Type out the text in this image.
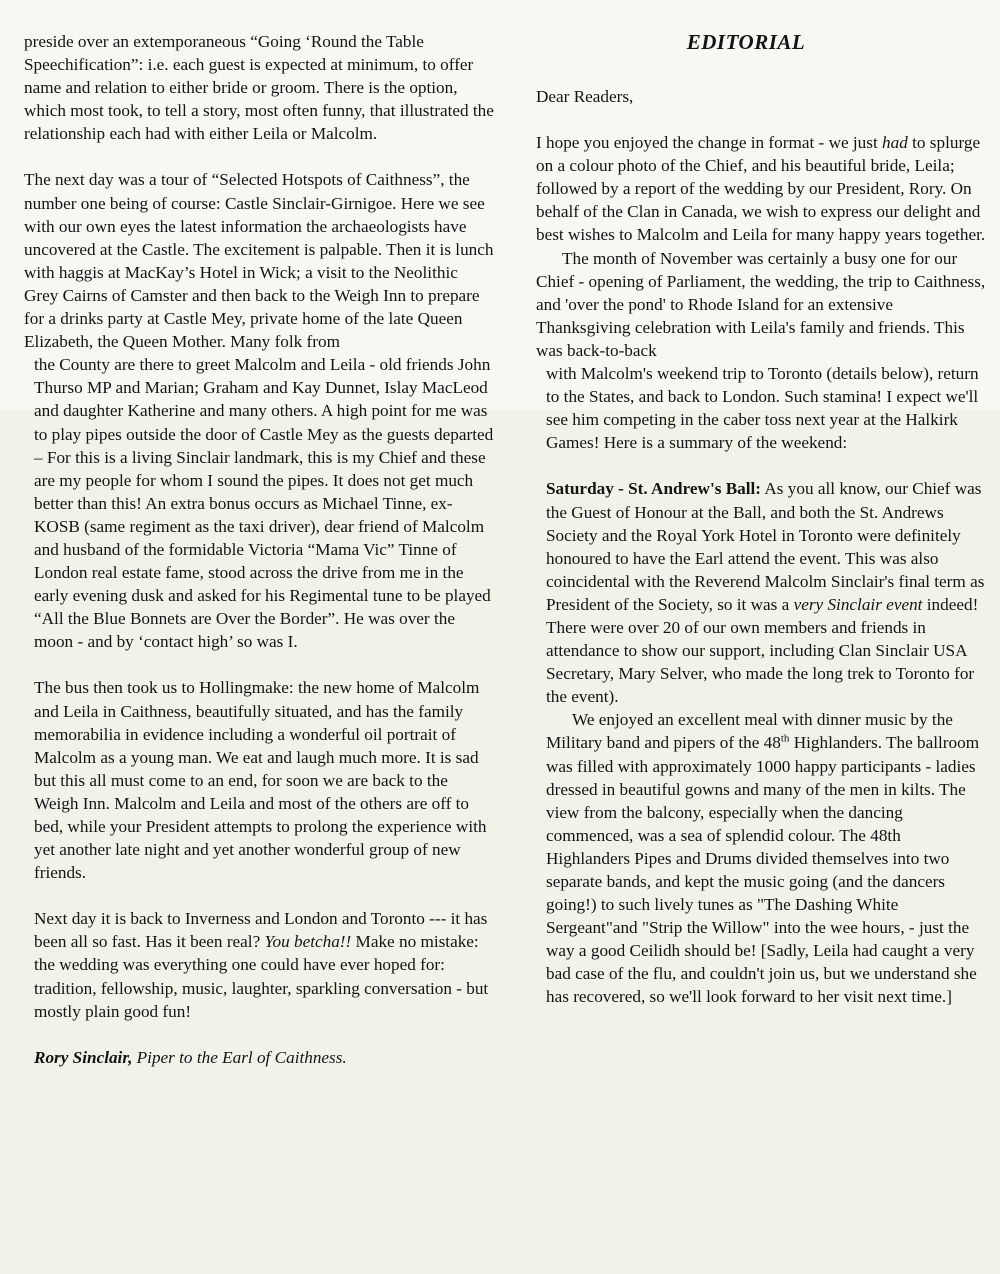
preside over an extemporaneous “Going ‘Round the Table Speechification”: i.e. each guest is expected at minimum, to offer name and relation to either bride or groom. There is the option, which most took, to tell a story, most often funny, that illustrated the relationship each had with either Leila or Malcolm.

The next day was a tour of “Selected Hotspots of Caithness”, the number one being of course: Castle Sinclair-Girnigoe. Here we see with our own eyes the latest information the archaeologists have uncovered at the Castle. The excitement is palpable. Then it is lunch with haggis at MacKay’s Hotel in Wick; a visit to the Neolithic Grey Cairns of Camster and then back to the Weigh Inn to prepare for a drinks party at Castle Mey, private home of the late Queen Elizabeth, the Queen Mother. Many folk from

the County are there to greet Malcolm and Leila - old friends John Thurso MP and Marian; Graham and Kay Dunnet, Islay MacLeod and daughter Katherine and many others. A high point for me was to play pipes outside the door of Castle Mey as the guests departed – For this is a living Sinclair landmark, this is my Chief and these are my people for whom I sound the pipes. It does not get much better than this! An extra bonus occurs as Michael Tinne, ex-KOSB (same regiment as the taxi driver), dear friend of Malcolm and husband of the formidable Victoria “Mama Vic” Tinne of London real estate fame, stood across the drive from me in the early evening dusk and asked for his Regimental tune to be played “All the Blue Bonnets are Over the Border”. He was over the moon - and by ‘contact high’ so was I.

The bus then took us to Hollingmake: the new home of Malcolm and Leila in Caithness, beautifully situated, and has the family memorabilia in evidence including a wonderful oil portrait of Malcolm as a young man. We eat and laugh much more. It is sad but this all must come to an end, for soon we are back to the Weigh Inn. Malcolm and Leila and most of the others are off to bed, while your President attempts to prolong the experience with yet another late night and yet another wonderful group of new friends.

Next day it is back to Inverness and London and Toronto --- it has been all so fast. Has it been real? You betcha!! Make no mistake: the wedding was everything one could have ever hoped for: tradition, fellowship, music, laughter, sparkling conversation - but mostly plain good fun!

Rory Sinclair, Piper to the Earl of Caithness.

EDITORIAL

Dear Readers,

I hope you enjoyed the change in format - we just had to splurge on a colour photo of the Chief, and his beautiful bride, Leila; followed by a report of the wedding by our President, Rory. On behalf of the Clan in Canada, we wish to express our delight and best wishes to Malcolm and Leila for many happy years together.

The month of November was certainly a busy one for our Chief - opening of Parliament, the wedding, the trip to Caithness, and 'over the pond' to Rhode Island for an extensive Thanksgiving celebration with Leila's family and friends. This was back-to-back

with Malcolm's weekend trip to Toronto (details below), return to the States, and back to London. Such stamina! I expect we'll see him competing in the caber toss next year at the Halkirk Games! Here is a summary of the weekend:

Saturday - St. Andrew's Ball: As you all know, our Chief was the Guest of Honour at the Ball, and both the St. Andrews Society and the Royal York Hotel in Toronto were definitely honoured to have the Earl attend the event. This was also coincidental with the Reverend Malcolm Sinclair's final term as President of the Society, so it was a very Sinclair event indeed! There were over 20 of our own members and friends in attendance to show our support, including Clan Sinclair USA Secretary, Mary Selver, who made the long trek to Toronto for the event).

We enjoyed an excellent meal with dinner music by the Military band and pipers of the 48th Highlanders. The ballroom was filled with approximately 1000 happy participants - ladies dressed in beautiful gowns and many of the men in kilts. The view from the balcony, especially when the dancing commenced, was a sea of splendid colour. The 48th Highlanders Pipes and Drums divided themselves into two separate bands, and kept the music going (and the dancers going!) to such lively tunes as "The Dashing White Sergeant"and "Strip the Willow" into the wee hours, - just the way a good Ceilidh should be! [Sadly, Leila had caught a very bad case of the flu, and couldn't join us, but we understand she has recovered, so we'll look forward to her visit next time.]
